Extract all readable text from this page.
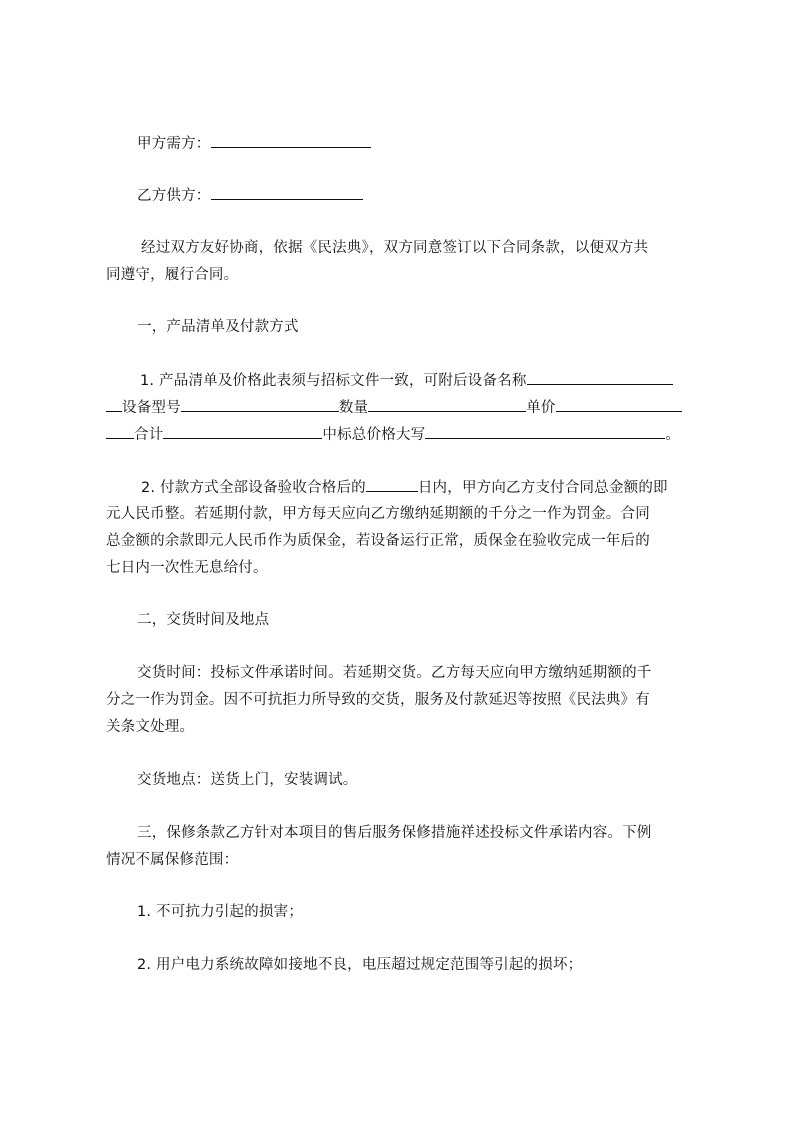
甲方需方：
乙方供方：
经过双方友好协商，依据《民法典》，双方同意签订以下合同条款，以便双方共
同遵守，履行合同。
一，产品清单及付款方式
1. 产品清单及价格此表须与招标文件一致，可附后设备名称
设备型号	数量	单价
合计	中标总价格大写	。
2. 付款方式全部设备验收合格后的	日内，甲方向乙方支付合同总金额的即
元人民币整。若延期付款，甲方每天应向乙方缴纳延期额的千分之一作为罚金。合同
总金额的余款即元人民币作为质保金，若设备运行正常，质保金在验收完成一年后的
七日内一次性无息给付。
二，交货时间及地点
交货时间：投标文件承诺时间。若延期交货。乙方每天应向甲方缴纳延期额的千
分之一作为罚金。因不可抗拒力所导致的交货，服务及付款延迟等按照《民法典》有
关条文处理。
交货地点：送货上门，安装调试。
三，保修条款乙方针对本项目的售后服务保修措施祥述投标文件承诺内容。下例
情况不属保修范围：
1. 不可抗力引起的损害；
2. 用户电力系统故障如接地不良，电压超过规定范围等引起的损坏；
